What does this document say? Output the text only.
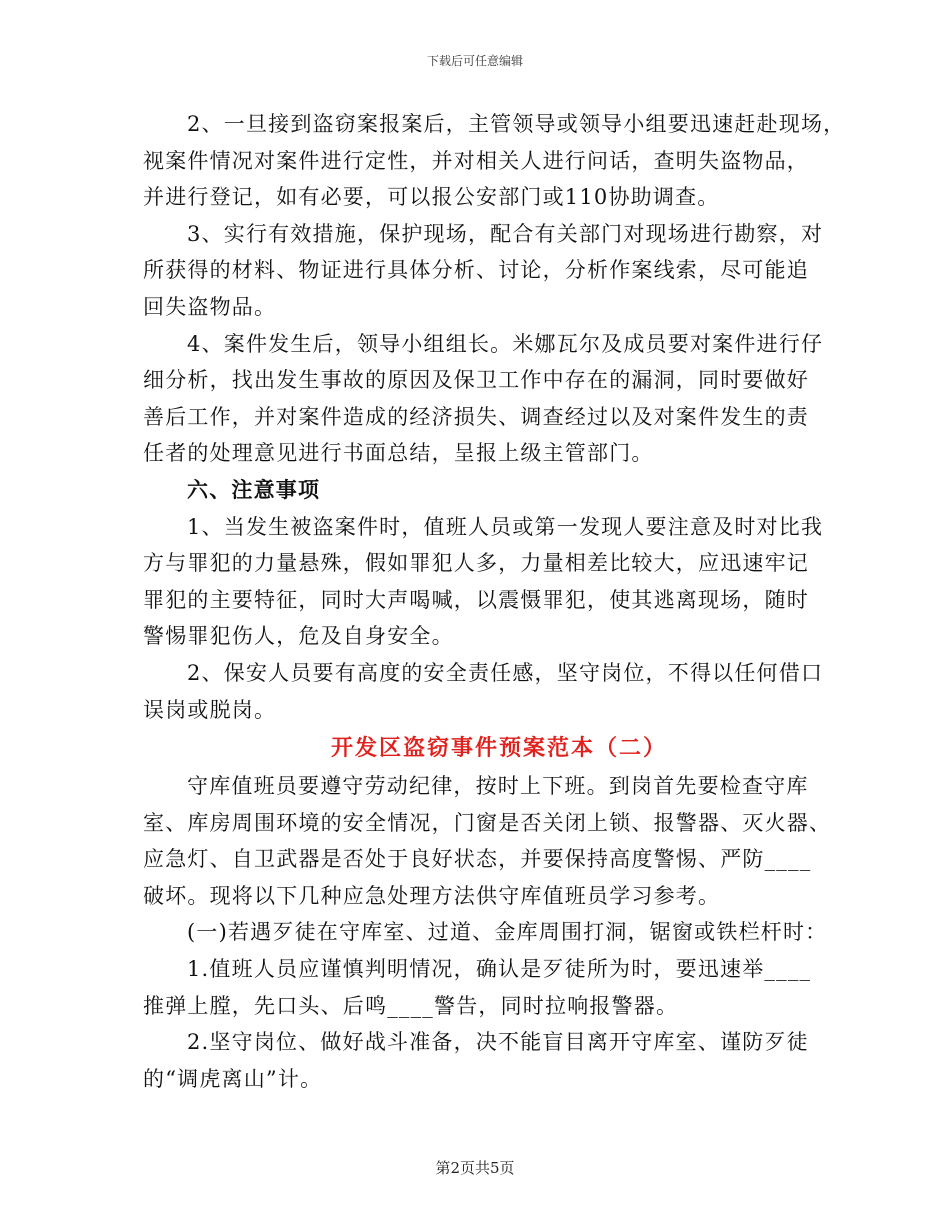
下载后可任意编辑
2、一旦接到盗窃案报案后，主管领导或领导小组要迅速赶赴现场，
视案件情况对案件进行定性，并对相关人进行问话，查明失盗物品，
并进行登记，如有必要，可以报公安部门或110协助调查。
3、实行有效措施，保护现场，配合有关部门对现场进行勘察，对
所获得的材料、物证进行具体分析、讨论，分析作案线索，尽可能追
回失盗物品。
4、案件发生后，领导小组组长。米娜瓦尔及成员要对案件进行仔
细分析，找出发生事故的原因及保卫工作中存在的漏洞，同时要做好
善后工作，并对案件造成的经济损失、调查经过以及对案件发生的责
任者的处理意见进行书面总结，呈报上级主管部门。
六、注意事项
1、当发生被盗案件时，值班人员或第一发现人要注意及时对比我
方与罪犯的力量悬殊，假如罪犯人多，力量相差比较大，应迅速牢记
罪犯的主要特征，同时大声喝喊，以震慑罪犯，使其逃离现场，随时
警惕罪犯伤人，危及自身安全。
2、保安人员要有高度的安全责任感，坚守岗位，不得以任何借口
误岗或脱岗。
开发区盗窃事件预案范本（二）
守库值班员要遵守劳动纪律，按时上下班。到岗首先要检查守库
室、库房周围环境的安全情况，门窗是否关闭上锁、报警器、灭火器、
应急灯、自卫武器是否处于良好状态，并要保持高度警惕、严防____
破坏。现将以下几种应急处理方法供守库值班员学习参考。
(一)若遇歹徒在守库室、过道、金库周围打洞，锯窗或铁栏杆时：
1.值班人员应谨慎判明情况，确认是歹徒所为时，要迅速举____
推弹上膛，先口头、后鸣____警告，同时拉响报警器。
2.坚守岗位、做好战斗准备，决不能盲目离开守库室、谨防歹徒
的“调虎离山”计。
第2页共5页
